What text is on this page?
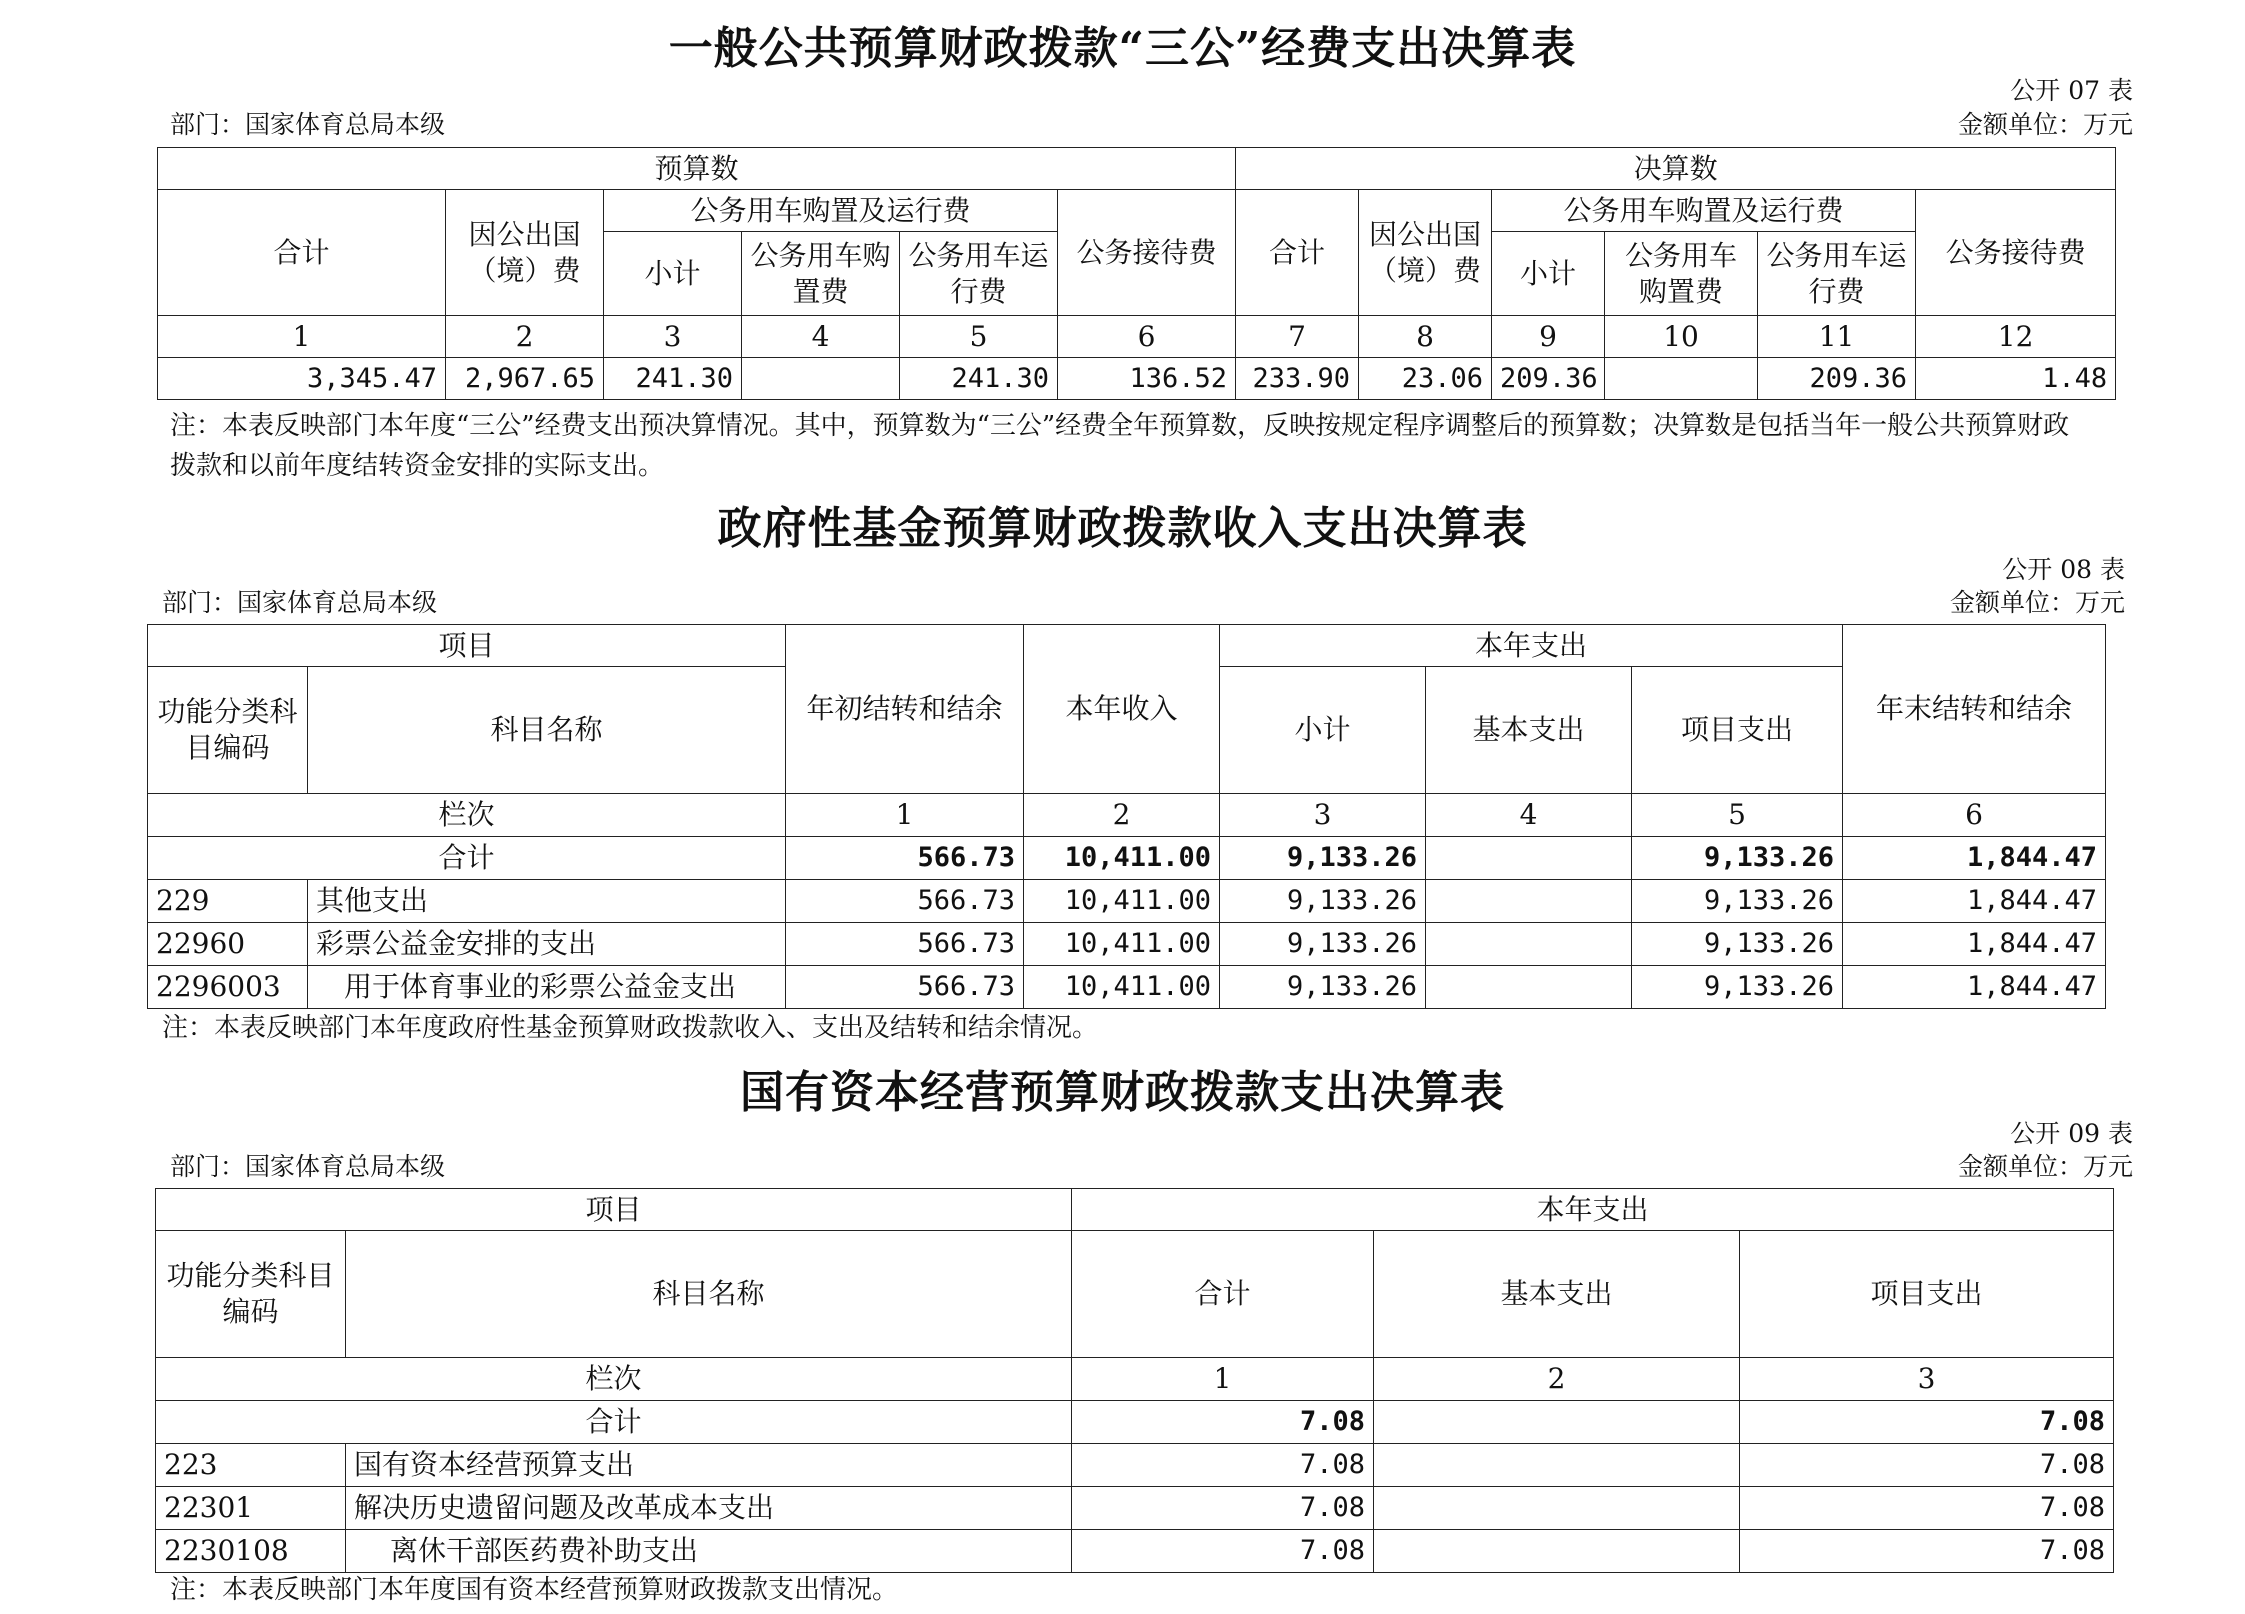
一般公共预算财政拨款“三公”经费支出决算表
公开 07 表
部门：国家体育总局本级	金额单位：万元
预算数						决算数					
合计	因公出国（境）费	公务用车购置及运行费			公务接待费	合计	因公出国（境）费	公务用车购置及运行费			公务接待费
		小计	公务用车购置费	公务用车运行费				小计	公务用车购置费	公务用车运行费	
1	2	3	4	5	6	7	8	9	10	11	12
3,345.47	2,967.65	241.30		241.30	136.52	233.90	23.06	209.36		209.36	1.48
注：本表反映部门本年度“三公”经费支出预决算情况。其中，预算数为“三公”经费全年预算数，反映按规定程序调整后的预算数；决算数是包括当年一般公共预算财政拨款和以前年度结转资金安排的实际支出。
政府性基金预算财政拨款收入支出决算表
公开 08 表
部门：国家体育总局本级	金额单位：万元
项目		年初结转和结余	本年收入	本年支出			年末结转和结余
功能分类科目编码	科目名称			小计	基本支出	项目支出	
栏次		1	2	3	4	5	6
合计		566.73	10,411.00	9,133.26		9,133.26	1,844.47
229	其他支出	566.73	10,411.00	9,133.26		9,133.26	1,844.47
22960	彩票公益金安排的支出	566.73	10,411.00	9,133.26		9,133.26	1,844.47
2296003	用于体育事业的彩票公益金支出	566.73	10,411.00	9,133.26		9,133.26	1,844.47
注：本表反映部门本年度政府性基金预算财政拨款收入、支出及结转和结余情况。
国有资本经营预算财政拨款支出决算表
公开 09 表
部门：国家体育总局本级	金额单位：万元
项目		本年支出		
功能分类科目编码	科目名称	合计	基本支出	项目支出
栏次		1	2	3
合计		7.08		7.08
223	国有资本经营预算支出	7.08		7.08
22301	解决历史遗留问题及改革成本支出	7.08		7.08
2230108	离休干部医药费补助支出	7.08		7.08
注：本表反映部门本年度国有资本经营预算财政拨款支出情况。
